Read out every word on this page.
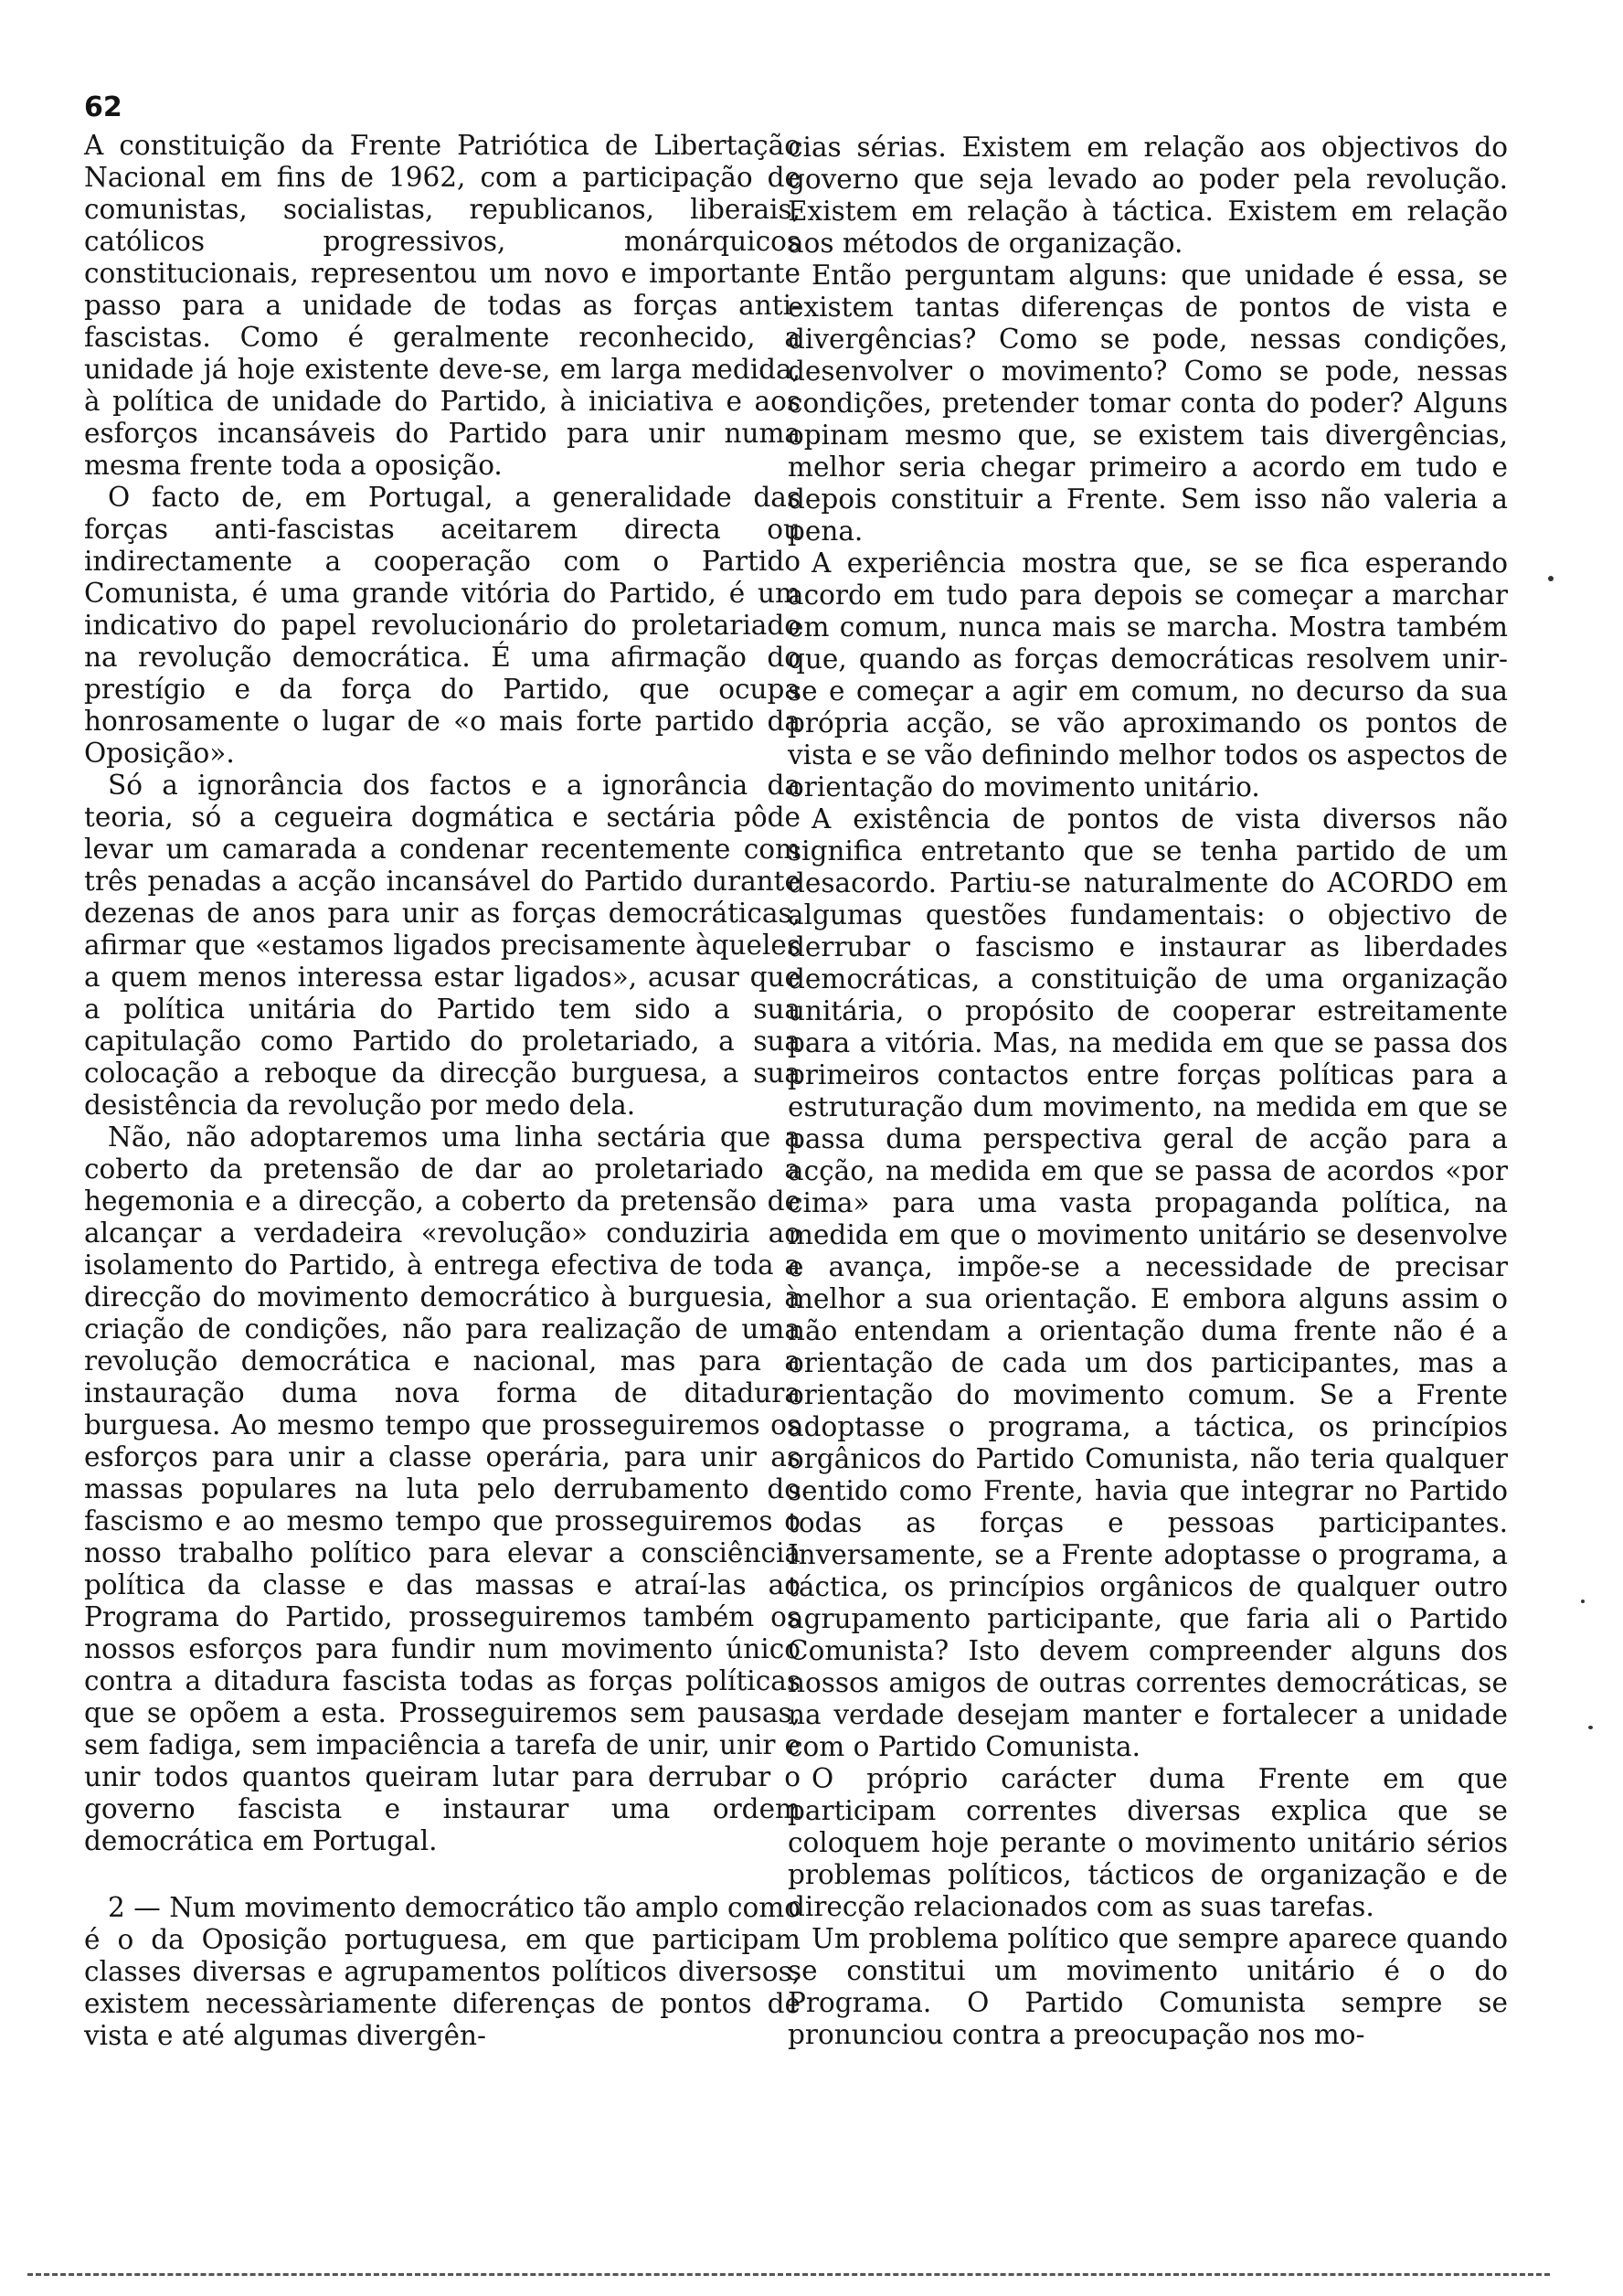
62

A constituição da Frente Patriótica de Libertação Nacional em fins de 1962, com a participação de comunistas, socialistas, republicanos, liberais, católicos progressivos, monárquicos constitucionais, representou um novo e importante passo para a unidade de todas as forças anti-fascistas. Como é geralmente reconhecido, a unidade já hoje existente deve-se, em larga medida, à política de unidade do Partido, à iniciativa e aos esforços incansáveis do Partido para unir numa mesma frente toda a oposição.

O facto de, em Portugal, a generalidade das forças anti-fascistas aceitarem directa ou indirectamente a cooperação com o Partido Comunista, é uma grande vitória do Partido, é um indicativo do papel revolucionário do proletariado na revolução democrática. É uma afirmação do prestígio e da força do Partido, que ocupa honrosamente o lugar de «o mais forte partido da Oposição».

Só a ignorância dos factos e a ignorância da teoria, só a cegueira dogmática e sectária pôde levar um camarada a condenar recentemente com três penadas a acção incansável do Partido durante dezenas de anos para unir as forças democráticas, afirmar que «estamos ligados precisamente àqueles a quem menos interessa estar ligados», acusar que a política unitária do Partido tem sido a sua capitulação como Partido do proletariado, a sua colocação a reboque da direcção burguesa, a sua desistência da revolução por medo dela.

Não, não adoptaremos uma linha sectária que a coberto da pretensão de dar ao proletariado a hegemonia e a direcção, a coberto da pretensão de alcançar a verdadeira «revolução» conduziria ao isolamento do Partido, à entrega efectiva de toda a direcção do movimento democrático à burguesia, à criação de condições, não para realização de uma revolução democrática e nacional, mas para a instauração duma nova forma de ditadura burguesa. Ao mesmo tempo que prosseguiremos os esforços para unir a classe operária, para unir as massas populares na luta pelo derrubamento do fascismo e ao mesmo tempo que prosseguiremos o nosso trabalho político para elevar a consciência política da classe e das massas e atraí-las ao Programa do Partido, prosseguiremos também os nossos esforços para fundir num movimento único contra a ditadura fascista todas as forças políticas que se opõem a esta. Prosseguiremos sem pausas, sem fadiga, sem impaciência a tarefa de unir, unir e unir todos quantos queiram lutar para derrubar o governo fascista e instaurar uma ordem democrática em Portugal.

2 — Num movimento democrático tão amplo como é o da Oposição portuguesa, em que participam classes diversas e agrupamentos políticos diversos, existem necessàriamente diferenças de pontos de vista e até algumas divergên-

cias sérias. Existem em relação aos objectivos do governo que seja levado ao poder pela revolução. Existem em relação à táctica. Existem em relação aos métodos de organização.

Então perguntam alguns: que unidade é essa, se existem tantas diferenças de pontos de vista e divergências? Como se pode, nessas condições, desenvolver o movimento? Como se pode, nessas condições, pretender tomar conta do poder? Alguns opinam mesmo que, se existem tais divergências, melhor seria chegar primeiro a acordo em tudo e depois constituir a Frente. Sem isso não valeria a pena.

A experiência mostra que, se se fica esperando acordo em tudo para depois se começar a marchar em comum, nunca mais se marcha. Mostra também que, quando as forças democráticas resolvem unir-se e começar a agir em comum, no decurso da sua própria acção, se vão aproximando os pontos de vista e se vão definindo melhor todos os aspectos de orientação do movimento unitário.

A existência de pontos de vista diversos não significa entretanto que se tenha partido de um desacordo. Partiu-se naturalmente do ACORDO em algumas questões fundamentais: o objectivo de derrubar o fascismo e instaurar as liberdades democráticas, a constituição de uma organização unitária, o propósito de cooperar estreitamente para a vitória. Mas, na medida em que se passa dos primeiros contactos entre forças políticas para a estruturação dum movimento, na medida em que se passa duma perspectiva geral de acção para a acção, na medida em que se passa de acordos «por cima» para uma vasta propaganda política, na medida em que o movimento unitário se desenvolve e avança, impõe-se a necessidade de precisar melhor a sua orientação. E embora alguns assim o não entendam a orientação duma frente não é a orientação de cada um dos participantes, mas a orientação do movimento comum. Se a Frente adoptasse o programa, a táctica, os princípios orgânicos do Partido Comunista, não teria qualquer sentido como Frente, havia que integrar no Partido todas as forças e pessoas participantes. Inversamente, se a Frente adoptasse o programa, a táctica, os princípios orgânicos de qualquer outro agrupamento participante, que faria ali o Partido Comunista? Isto devem compreender alguns dos nossos amigos de outras correntes democráticas, se na verdade desejam manter e fortalecer a unidade com o Partido Comunista.

O próprio carácter duma Frente em que participam correntes diversas explica que se coloquem hoje perante o movimento unitário sérios problemas políticos, tácticos de organização e de direcção relacionados com as suas tarefas.

Um problema político que sempre aparece quando se constitui um movimento unitário é o do Programa. O Partido Comunista sempre se pronunciou contra a preocupação nos mo-
